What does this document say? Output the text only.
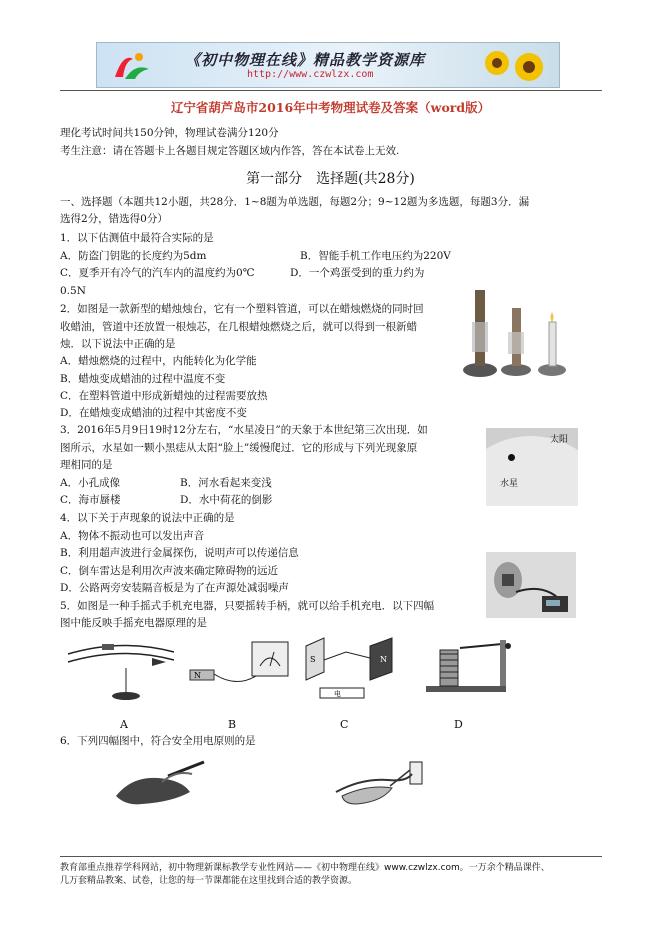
《初中物理在线》精品教学资源库
http://www.czwlzx.com
辽宁省葫芦岛市2016年中考物理试卷及答案（word版）
理化考试时间共150分钟，物理试卷满分120分
考生注意：请在答题卡上各题目规定答题区域内作答，答在本试卷上无效.
第一部分　选择题(共28分)
一、选择题（本题共12小题，共28分．1~8题为单选题，每题2分；9~12题为多选题，每题3分．漏
选得2分，错选得0分）
1．以下估测值中最符合实际的是
A．防盗门钥匙的长度约为5dm	B．智能手机工作电压约为220V
C．夏季开有冷气的汽车内的温度约为0℃	D．一个鸡蛋受到的重力约为
0.5N
2．如图是一款新型的蜡烛烛台，它有一个塑料管道，可以在蜡烛燃烧的同时回
收蜡油，管道中还放置一根烛芯，在几根蜡烛燃烧之后，就可以得到一根新蜡
烛．以下说法中正确的是
A．蜡烛燃烧的过程中，内能转化为化学能
B．蜡烛变成蜡油的过程中温度不变
C．在塑料管道中形成新蜡烛的过程需要放热
D．在蜡烛变成蜡油的过程中其密度不变
3．2016年5月9日19时12分左右，“水星凌日”的天象于本世纪第三次出现．如
图所示，水星如一颗小黑痣从太阳“脸上”缓慢爬过．它的形成与下列光现象原
理相同的是
A．小孔成像	B．河水看起来变浅
C．海市蜃楼	D．水中荷花的倒影
太阳
水星
4．以下关于声现象的说法中正确的是
A．物体不振动也可以发出声音
B．利用超声波进行金属探伤，说明声可以传递信息
C．倒车雷达是利用次声波来确定障碍物的远近
D．公路两旁安装隔音板是为了在声源处减弱噪声
5．如图是一种手摇式手机充电器，只要摇转手柄，就可以给手机充电．以下四幅
图中能反映手摇充电器原理的是
N
S	N
电
A	B	C	D
6．下列四幅图中，符合安全用电原则的是
教育部重点推荐学科网站，初中物理新课标教学专业性网站——《初中物理在线》www.czwlzx.com。一万余个精品课件、
几万套精品教案、试卷，让您的每一节课都能在这里找到合适的教学资源。
